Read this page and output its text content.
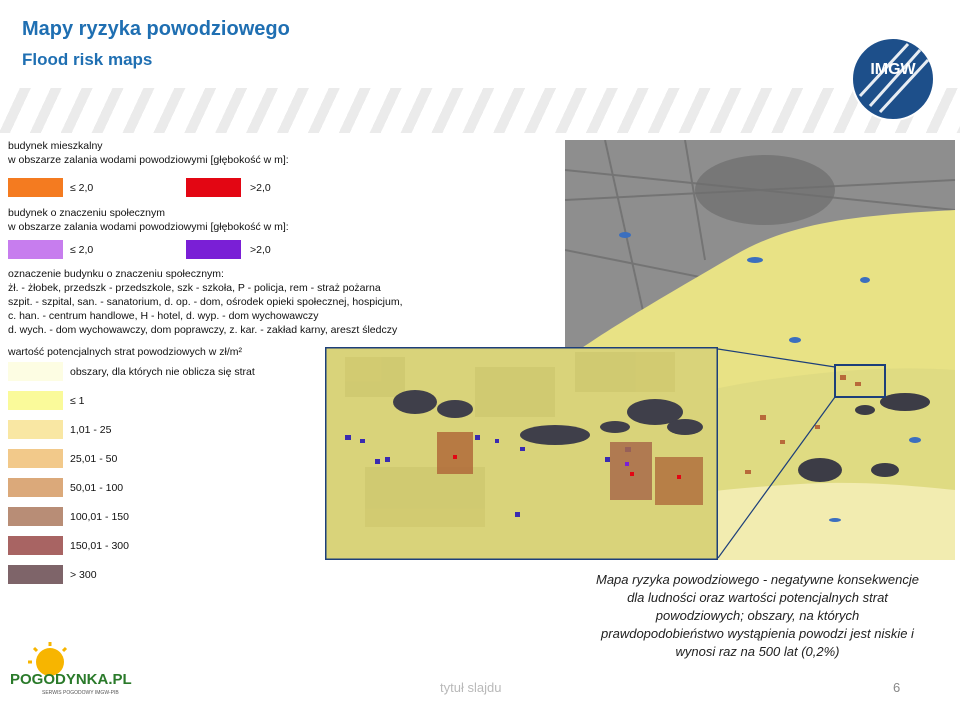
Mapy ryzyka powodziowego
Flood risk maps
IMGW
budynek mieszkalny
w obszarze zalania wodami powodziowymi [głębokość w m]:
≤ 2,0	>2,0
budynek o znaczeniu społecznym
w obszarze zalania wodami powodziowymi [głębokość w m]:
≤ 2,0	>2,0
oznaczenie budynku o znaczeniu społecznym:
żł. - żłobek, przedszk - przedszkole, szk - szkoła, P - policja, rem - straż pożarna
szpit. - szpital, san. - sanatorium, d. op. - dom, ośrodek opieki społecznej, hospicjum,
c. han. - centrum handlowe, H - hotel, d. wyp. - dom wychowawczy
d. wych. - dom wychowawczy, dom poprawczy, z. kar. - zakład karny, areszt śledczy
wartość potencjalnych strat powodziowych w zł/m²
obszary, dla których nie oblicza się strat
≤ 1
1,01 - 25
25,01 - 50
50,01 - 100
100,01 - 150
150,01 - 300
> 300	Mapa ryzyka powodziowego - negatywne konsekwencje
dla ludności oraz wartości potencjalnych strat
powodziowych; obszary, na których
prawdopodobieństwo wystąpienia powodzi jest niskie i
wynosi raz na 500 lat (0,2%)
POGODYNKA.PL
SERWIS POGODOWY IMGW-PIB	tytuł slajdu	6
